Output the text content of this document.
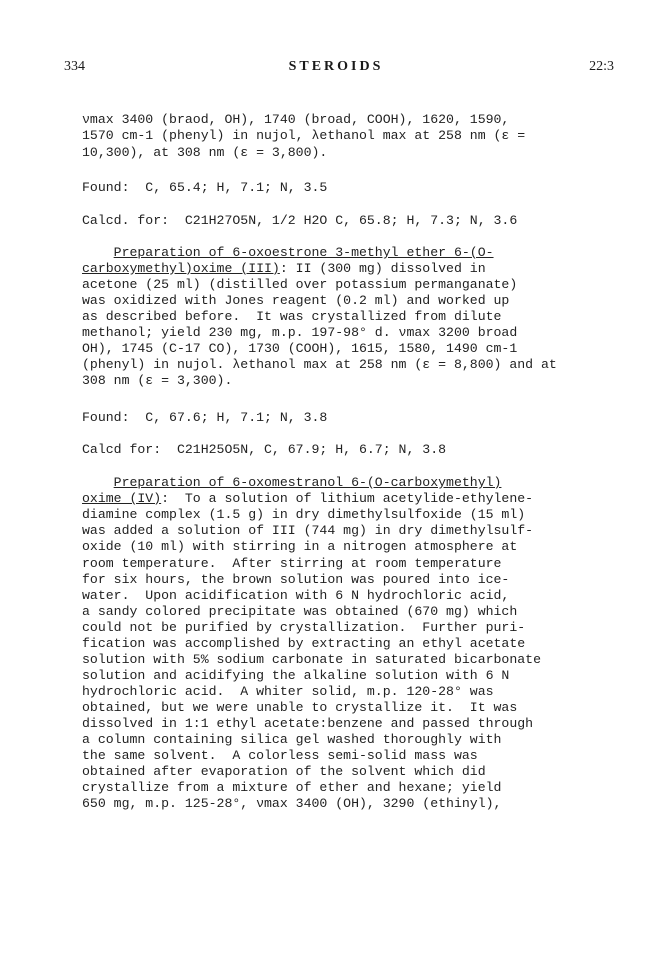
334	STEROIDS	22:3
νmax 3400 (braod, OH), 1740 (broad, COOH), 1620, 1590,
1570 cm-1 (phenyl) in nujol, λethanol max at 258 nm (ε =
10,300), at 308 nm (ε = 3,800).
Found:  C, 65.4; H, 7.1; N, 3.5
Calcd. for:  C21H27O5N, 1/2 H2O C, 65.8; H, 7.3; N, 3.6
Preparation of 6-oxoestrone 3-methyl ether 6-(O-
carboxymethyl)oxime (III): II (300 mg) dissolved in
acetone (25 ml) (distilled over potassium permanganate)
was oxidized with Jones reagent (0.2 ml) and worked up
as described before.  It was crystallized from dilute
methanol; yield 230 mg, m.p. 197-98° d. νmax 3200 broad
OH), 1745 (C-17 CO), 1730 (COOH), 1615, 1580, 1490 cm-1
(phenyl) in nujol. λethanol max at 258 nm (ε = 8,800) and at
308 nm (ε = 3,300).
Found:  C, 67.6; H, 7.1; N, 3.8
Calcd for:  C21H25O5N, C, 67.9; H, 6.7; N, 3.8
Preparation of 6-oxomestranol 6-(O-carboxymethyl)
oxime (IV):  To a solution of lithium acetylide-ethylene-
diamine complex (1.5 g) in dry dimethylsulfoxide (15 ml)
was added a solution of III (744 mg) in dry dimethylsulf-
oxide (10 ml) with stirring in a nitrogen atmosphere at
room temperature.  After stirring at room temperature
for six hours, the brown solution was poured into ice-
water.  Upon acidification with 6 N hydrochloric acid,
a sandy colored precipitate was obtained (670 mg) which
could not be purified by crystallization.  Further puri-
fication was accomplished by extracting an ethyl acetate
solution with 5% sodium carbonate in saturated bicarbonate
solution and acidifying the alkaline solution with 6 N
hydrochloric acid.  A whiter solid, m.p. 120-28° was
obtained, but we were unable to crystallize it.  It was
dissolved in 1:1 ethyl acetate:benzene and passed through
a column containing silica gel washed thoroughly with
the same solvent.  A colorless semi-solid mass was
obtained after evaporation of the solvent which did
crystallize from a mixture of ether and hexane; yield
650 mg, m.p. 125-28°, νmax 3400 (OH), 3290 (ethinyl),
